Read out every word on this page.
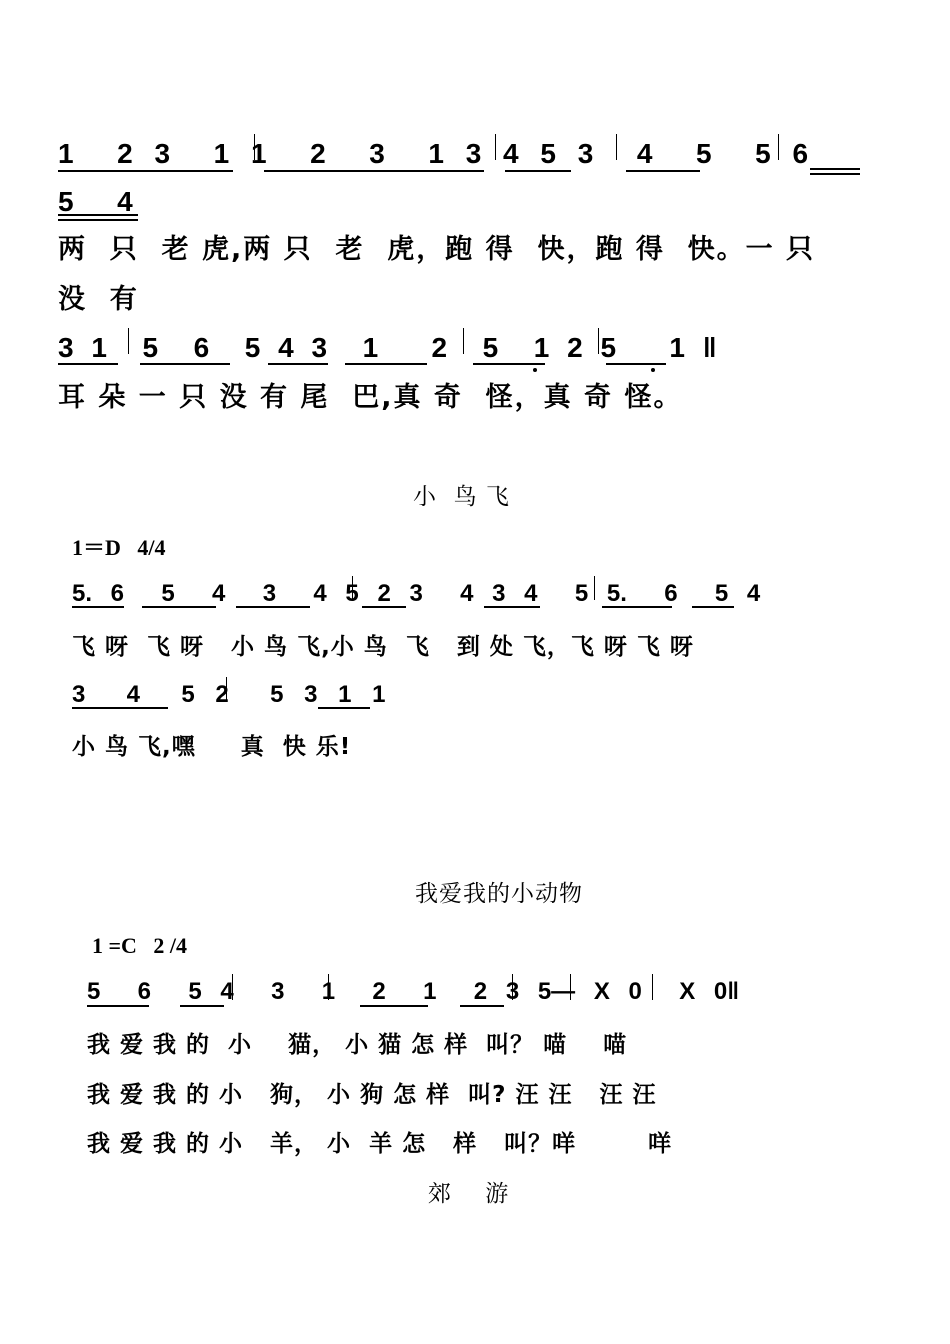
1  2 3  1 1  2  3  1 3 4 5 3  4  5  5 6
5  4
两  只  老 虎,两 只  老  虎，跑 得  快，跑 得  快。一 只
没  有
3 1  5  6  5 4 3  1   2  5  1 2 5   1 ‖
耳 朵 一 只 没 有 尾  巴,真 奇  怪，真 奇 怪。
小  鸟 飞
1＝D   4/4
5. 6  5  4  3  4 5 2 3  4 3 4  5 5.  6  5 4
飞 呀  飞 呀   小 鸟 飞,小 鸟  飞   到 处 飞，飞 呀 飞 呀
3  4  5 2  5 3 1 1
小 鸟 飞,嘿     真  快 乐!
我爱我的小动物
1 =C   2 /4
5  6  5 4  3  1  2  1  2 3 5— X 0  X 0‖
我 爱 我 的  小    猫， 小 猫 怎 样  叫？ 喵    喵
我 爱 我 的 小   狗， 小 狗 怎 样  叫? 汪 汪   汪 汪
我 爱 我 的 小   羊， 小  羊 怎   样   叫？咩        咩
郊    游
